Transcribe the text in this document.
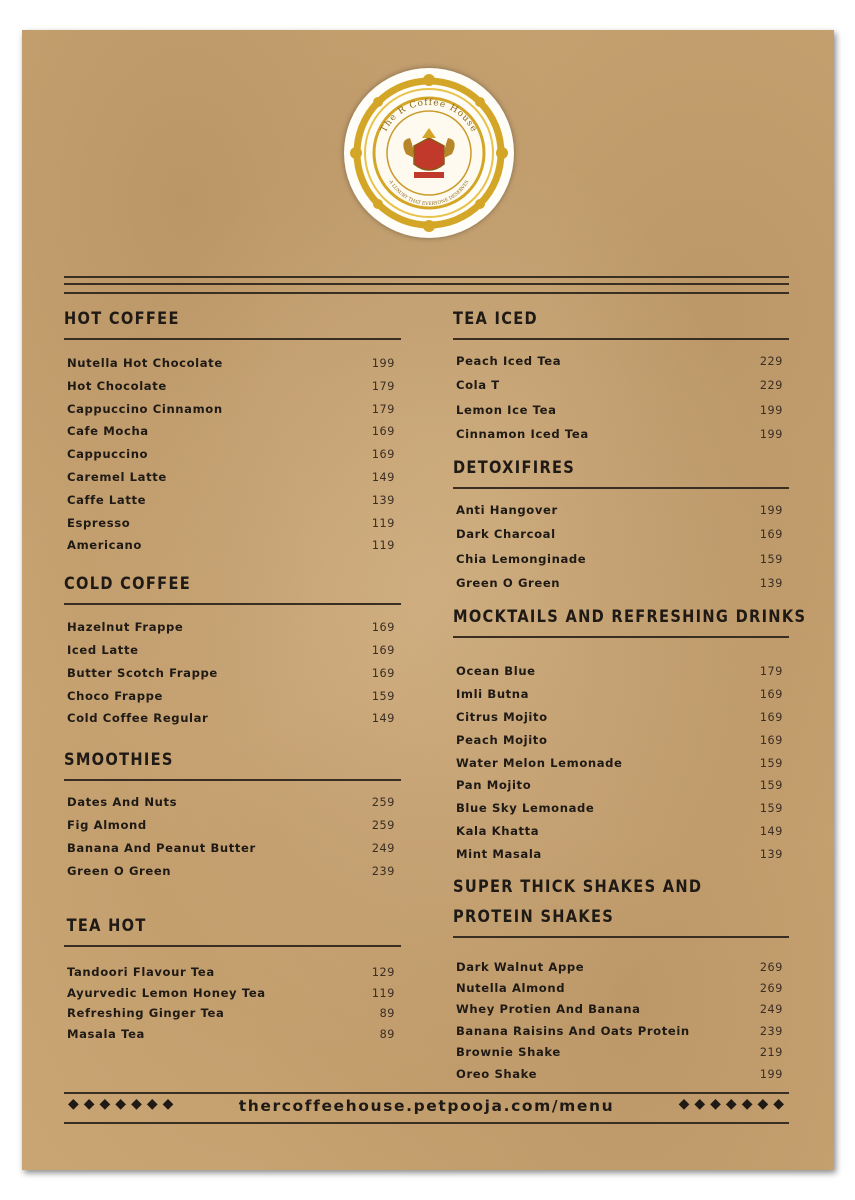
The R Coffee House
A LUXURY THAT EVERYONE DESERVES
HOT COFFEE
Nutella Hot Chocolate	199
Hot Chocolate	179
Cappuccino Cinnamon	179
Cafe Mocha	169
Cappuccino	169
Caremel Latte	149
Caffe Latte	139
Espresso	119
Americano	119
COLD COFFEE
Hazelnut Frappe	169
Iced Latte	169
Butter Scotch Frappe	169
Choco Frappe	159
Cold Coffee Regular	149
SMOOTHIES
Dates And Nuts	259
Fig Almond	259
Banana And Peanut Butter	249
Green O Green	239
TEA HOT
Tandoori Flavour Tea	129
Ayurvedic Lemon Honey Tea	119
Refreshing Ginger Tea	89
Masala Tea	89
TEA ICED
Peach Iced Tea	229
Cola T	229
Lemon Ice Tea	199
Cinnamon Iced Tea	199
DETOXIFIRES
Anti Hangover	199
Dark Charcoal	169
Chia Lemonginade	159
Green O Green	139
MOCKTAILS AND REFRESHING DRINKS
Ocean Blue	179
Imli Butna	169
Citrus Mojito	169
Peach Mojito	169
Water Melon Lemonade	159
Pan Mojito	159
Blue Sky Lemonade	159
Kala Khatta	149
Mint Masala	139
SUPER THICK SHAKES AND
PROTEIN SHAKES
Dark Walnut Appe	269
Nutella Almond	269
Whey Protien And Banana	249
Banana Raisins And Oats Protein	239
Brownie Shake	219
Oreo Shake	199
◆◆◆◆◆◆◆	thercoffeehouse.petpooja.com/menu	◆◆◆◆◆◆◆
